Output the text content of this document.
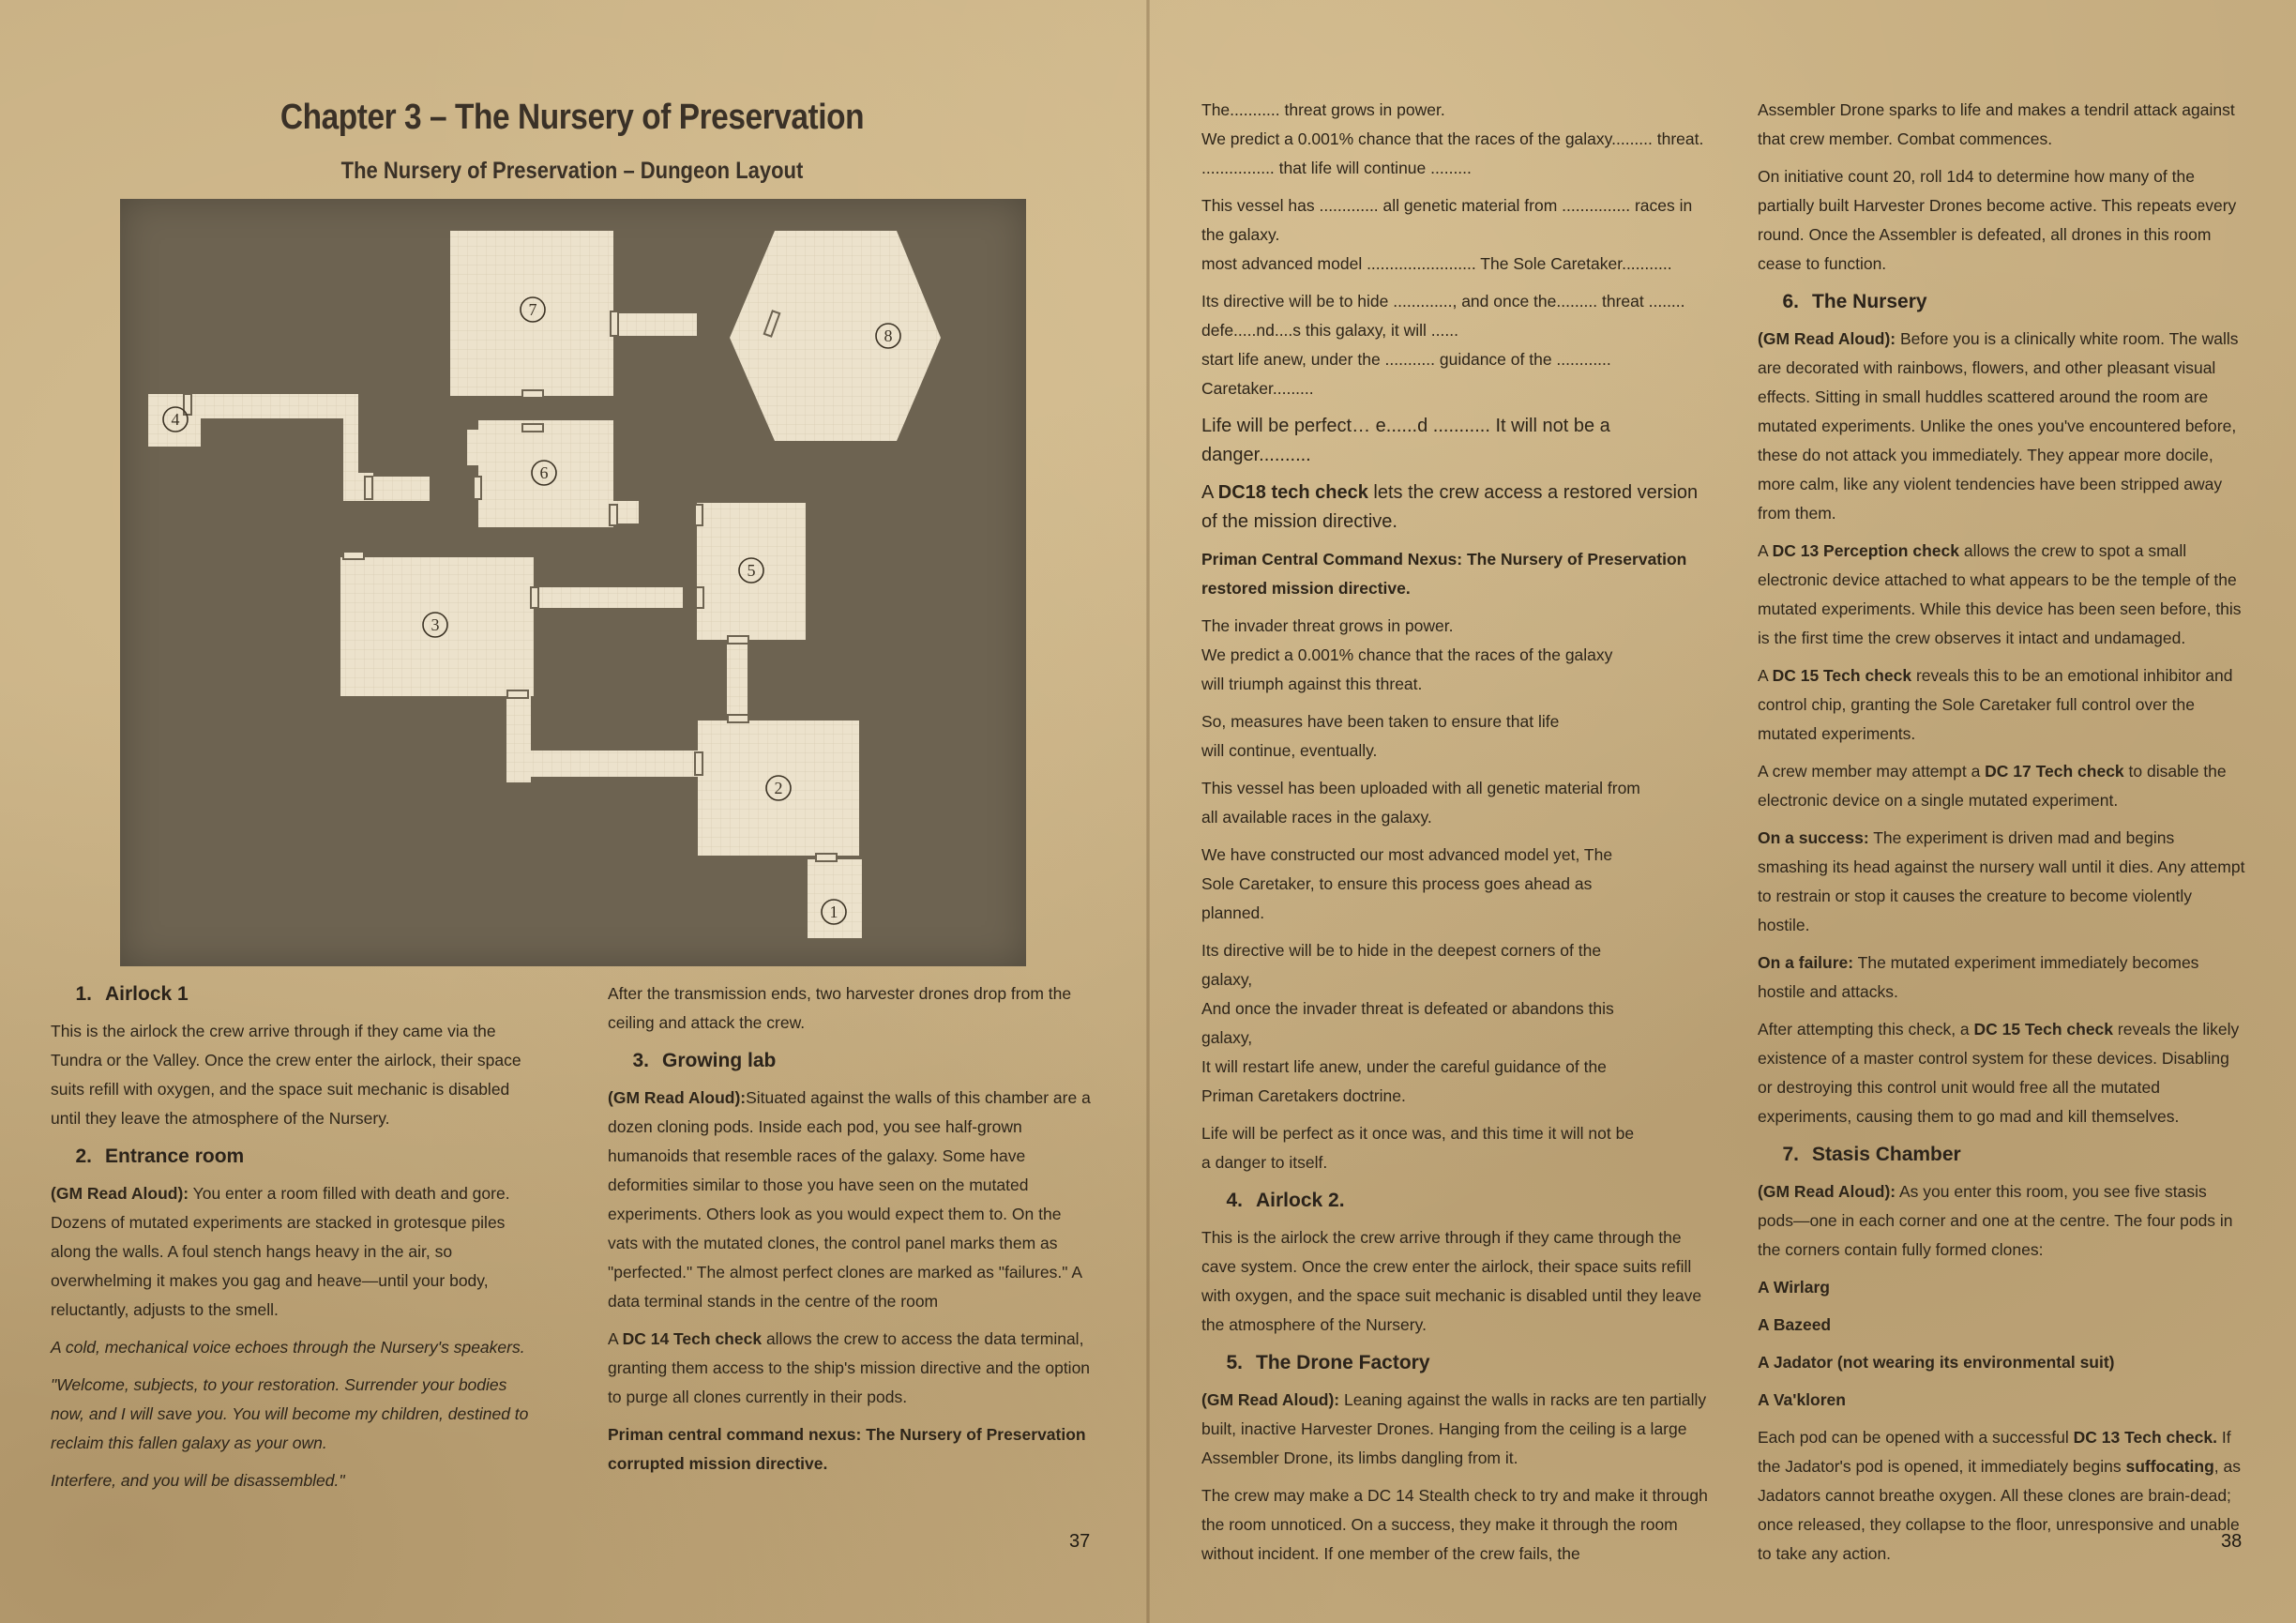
Chapter 3 – The Nursery of Preservation
The Nursery of Preservation – Dungeon Layout
7
8
4
6
5
3
2
1
1. Airlock 1

This is the airlock the crew arrive through if they came via the Tundra or the Valley. Once the crew enter the airlock, their space suits refill with oxygen, and the space suit mechanic is disabled until they leave the atmosphere of the Nursery.

2. Entrance room

(GM Read Aloud): You enter a room filled with death and gore. Dozens of mutated experiments are stacked in grotesque piles along the walls. A foul stench hangs heavy in the air, so overwhelming it makes you gag and heave—until your body, reluctantly, adjusts to the smell.

A cold, mechanical voice echoes through the Nursery's speakers.

"Welcome, subjects, to your restoration. Surrender your bodies now, and I will save you. You will become my children, destined to reclaim this fallen galaxy as your own.

Interfere, and you will be disassembled."

After the transmission ends, two harvester drones drop from the ceiling and attack the crew.

3. Growing lab

(GM Read Aloud):Situated against the walls of this chamber are a dozen cloning pods. Inside each pod, you see half-grown humanoids that resemble races of the galaxy. Some have deformities similar to those you have seen on the mutated experiments. Others look as you would expect them to. On the vats with the mutated clones, the control panel marks them as "perfected." The almost perfect clones are marked as "failures." A data terminal stands in the centre of the room

A DC 14 Tech check allows the crew to access the data terminal, granting them access to the ship's mission directive and the option to purge all clones currently in their pods.

Priman central command nexus: The Nursery of Preservation corrupted mission directive.

37
The........... threat grows in power.
We predict a 0.001% chance that the races of the galaxy......... threat.

................ that life will continue .........

This vessel has ............. all genetic material from ............... races in the galaxy.

most advanced model ........................ The Sole Caretaker...........

Its directive will be to hide ............., and once the......... threat ........
defe.....nd....s this galaxy, it will ......

start life anew, under the ........... guidance of the ............ Caretaker.........

Life will be perfect… e......d ........... It will not be a danger..........

A DC18 tech check lets the crew access a restored version of the mission directive.

Priman Central Command Nexus: The Nursery of Preservation restored mission directive.

The invader threat grows in power.
We predict a 0.001% chance that the races of the galaxy

will triumph against this threat.

So, measures have been taken to ensure that life will continue, eventually.

This vessel has been uploaded with all genetic material from all available races in the galaxy.

We have constructed our most advanced model yet, The Sole Caretaker, to ensure this process goes ahead as planned.

Its directive will be to hide in the deepest corners of the galaxy,
And once the invader threat is defeated or abandons this galaxy,

It will restart life anew, under the careful guidance of the Priman Caretakers doctrine.

Life will be perfect as it once was, and this time it will not be a danger to itself.

4. Airlock 2.

This is the airlock the crew arrive through if they came through the cave system. Once the crew enter the airlock, their space suits refill with oxygen, and the space suit mechanic is disabled until they leave the atmosphere of the Nursery.

5. The Drone Factory

(GM Read Aloud): Leaning against the walls in racks are ten partially built, inactive Harvester Drones. Hanging from the ceiling is a large Assembler Drone, its limbs dangling from it.

The crew may make a DC 14 Stealth check to try and make it through the room unnoticed. On a success, they make it through the room without incident. If one member of the crew fails, the

Assembler Drone sparks to life and makes a tendril attack against that crew member. Combat commences.

On initiative count 20, roll 1d4 to determine how many of the partially built Harvester Drones become active. This repeats every round. Once the Assembler is defeated, all drones in this room cease to function.

6. The Nursery

(GM Read Aloud): Before you is a clinically white room. The walls are decorated with rainbows, flowers, and other pleasant visual effects. Sitting in small huddles scattered around the room are mutated experiments. Unlike the ones you've encountered before, these do not attack you immediately. They appear more docile, more calm, like any violent tendencies have been stripped away from them.

A DC 13 Perception check allows the crew to spot a small electronic device attached to what appears to be the temple of the mutated experiments. While this device has been seen before, this is the first time the crew observes it intact and undamaged.

A DC 15 Tech check reveals this to be an emotional inhibitor and control chip, granting the Sole Caretaker full control over the mutated experiments.

A crew member may attempt a DC 17 Tech check to disable the electronic device on a single mutated experiment.

On a success: The experiment is driven mad and begins smashing its head against the nursery wall until it dies. Any attempt to restrain or stop it causes the creature to become violently hostile.

On a failure: The mutated experiment immediately becomes hostile and attacks.

After attempting this check, a DC 15 Tech check reveals the likely existence of a master control system for these devices. Disabling or destroying this control unit would free all the mutated experiments, causing them to go mad and kill themselves.

7. Stasis Chamber

(GM Read Aloud): As you enter this room, you see five stasis pods—one in each corner and one at the centre. The four pods in the corners contain fully formed clones:

A Wirlarg

A Bazeed

A Jadator (not wearing its environmental suit)

A Va'kloren

Each pod can be opened with a successful DC 13 Tech check. If the Jadator's pod is opened, it immediately begins suffocating, as Jadators cannot breathe oxygen. All these clones are brain-dead; once released, they collapse to the floor, unresponsive and unable to take any action.

38
